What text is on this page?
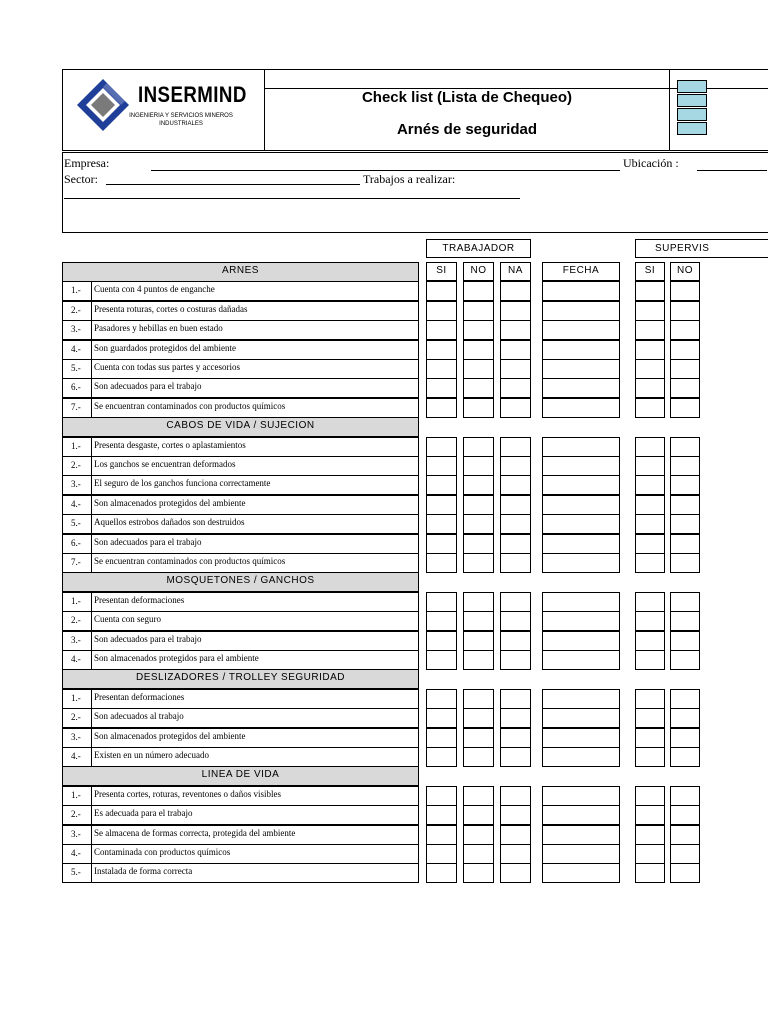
INSERMIND
INGENIERIA Y SERVICIOS MINEROS
INDUSTRIALES
Check list (Lista de Chequeo)
Arnés de seguridad
Empresa:	Ubicación :
Sector:	Trabajos a realizar:
TRABAJADOR	SUPERVIS
SI	NO	NA	FECHA	SI	NO
ARNES
1.-	Cuenta con 4 puntos de enganche
2.-	Presenta roturas, cortes o costuras dañadas
3.-	Pasadores y hebillas en buen estado
4.-	Son guardados protegidos del ambiente
5.-	Cuenta con todas sus partes y accesorios
6.-	Son adecuados para el trabajo
7.-	Se encuentran contaminados con productos químicos
CABOS DE VIDA / SUJECION
1.-	Presenta desgaste, cortes o aplastamientos
2.-	Los ganchos se encuentran deformados
3.-	El seguro de los ganchos funciona correctamente
4.-	Son almacenados protegidos del ambiente
5.-	Aquellos estrobos dañados son destruidos
6.-	Son adecuados para el trabajo
7.-	Se encuentran contaminados con productos químicos
MOSQUETONES / GANCHOS
1.-	Presentan deformaciones
2.-	Cuenta con seguro
3.-	Son adecuados para el trabajo
4.-	Son almacenados protegidos para el ambiente
DESLIZADORES / TROLLEY SEGURIDAD
1.-	Presentan deformaciones
2.-	Son adecuados al trabajo
3.-	Son almacenados protegidos del ambiente
4.-	Existen en un número adecuado
LINEA DE VIDA
1.-	Presenta cortes, roturas, reventones o daños visibles
2.-	Es adecuada para el trabajo
3.-	Se almacena de formas correcta, protegida del ambiente
4.-	Contaminada con productos químicos
5.-	Instalada de forma correcta
